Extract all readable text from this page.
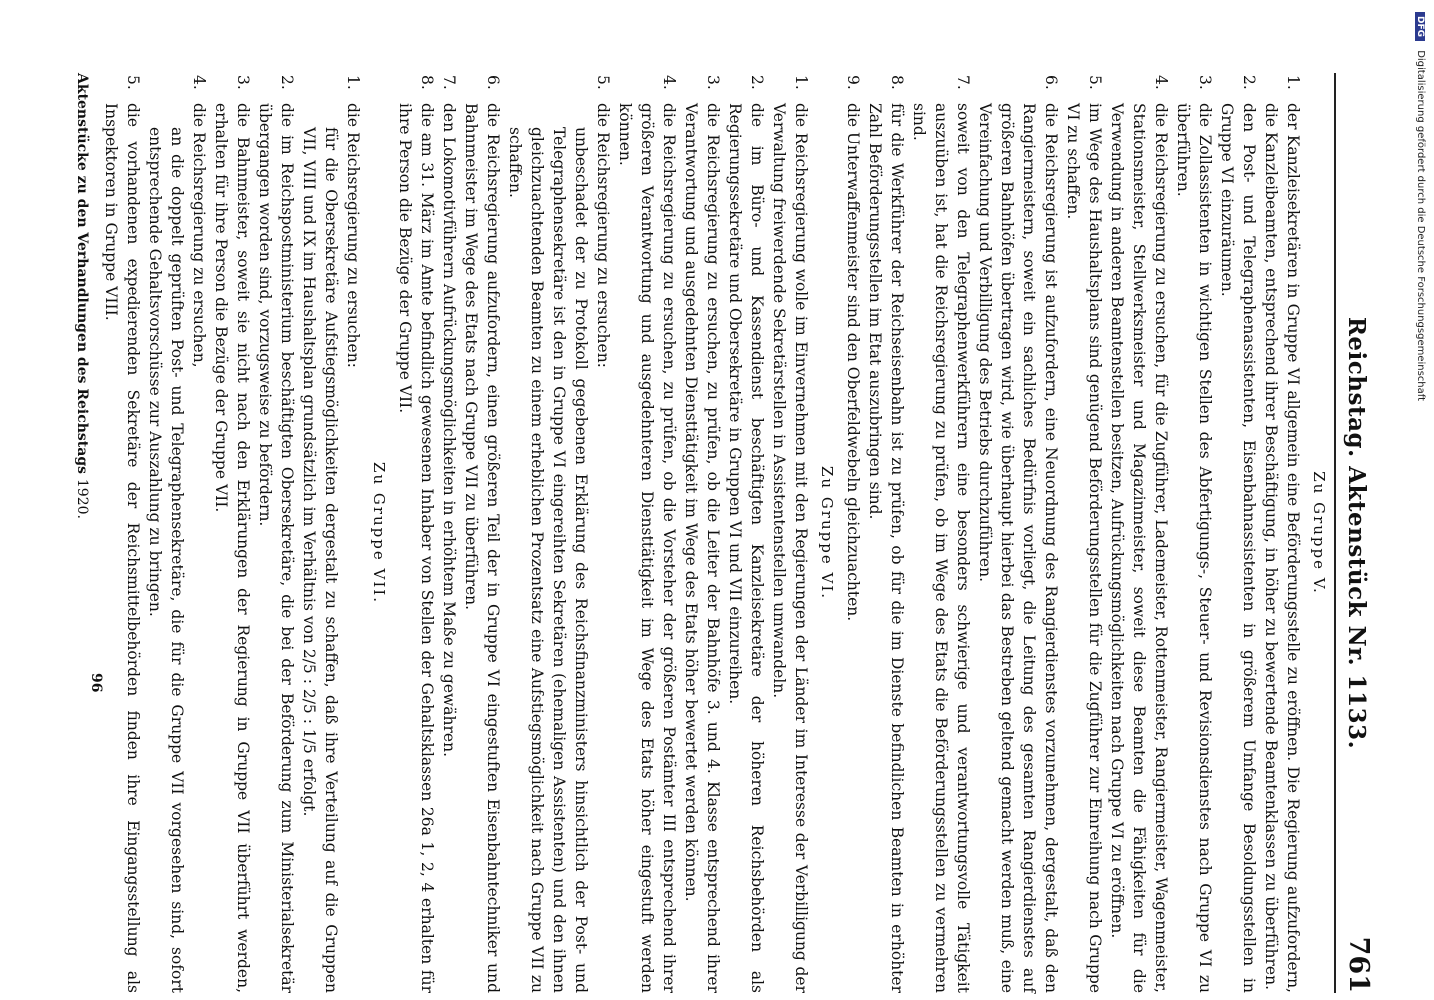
Reichstag. Aktenstück Nr. 1133.
761
Zu Gruppe V.
1.
der Kanzleisekretären in Gruppe VI allgemein eine Beförderungsstelle zu eröffnen. Die Regierung aufzufordern, die Kanzleibeamten, entsprechend ihrer Beschäftigung, in höher zu bewertende Beamtenklassen zu überführen.
2.
den Post- und Telegraphenassistenten, Eisenbahnassistenten in größerem Umfange Besoldungsstellen in Gruppe VI einzuräumen.
3.
die Zollassistenten in wichtigen Stellen des Abfertigungs-, Steuer- und Revisionsdienstes nach Gruppe VI zu überführen.
4.
die Reichsregierung zu ersuchen, für die Zugführer, Lademeister, Rottenmeister, Rangiermeister, Wagenmeister, Stationsmeister, Stellwerksmeister und Magazinmeister, soweit diese Beamten die Fähigkeiten für die Verwendung in anderen Beamtenstellen besitzen, Aufrückungsmöglichkeiten nach Gruppe VI zu eröffnen.
5.
im Wege des Haushaltsplans sind genügend Beförderungsstellen für die Zugführer zur Einreihung nach Gruppe VI zu schaffen.
6.
die Reichsregierung ist aufzufordern, eine Neuordnung des Rangierdienstes vorzunehmen, dergestalt, daß den Rangiermeistern, soweit ein sachliches Bedürfnis vorliegt, die Leitung des gesamten Rangierdienstes auf größeren Bahnhöfen übertragen wird, wie überhaupt hierbei das Bestreben geltend gemacht werden muß, eine Vereinfachung und Verbilligung des Betriebs durchzuführen.
7.
soweit von den Telegraphenwerkführern eine besonders schwierige und verantwortungsvolle Tätigkeit auszuüben ist, hat die Reichsregierung zu prüfen, ob im Wege des Etats die Beförderungsstellen zu vermehren sind.
8.
für die Werkführer der Reichseisenbahn ist zu prüfen, ob für die im Dienste befindlichen Beamten in erhöhter Zahl Beförderungsstellen im Etat auszubringen sind.
9.
die Unterwaffenmeister sind den Oberfeldwebeln gleichzuachten.
Zu Gruppe VI.
1.
die Reichsregierung wolle im Einvernehmen mit den Regierungen der Länder im Interesse der Verbilligung der Verwaltung freiwerdende Sekretärstellen in Assistentenstellen umwandeln.
2.
die im Büro- und Kassendienst beschäftigten Kanzleisekretäre der höheren Reichsbehörden als Regierungssekretäre und Obersekretäre in Gruppen VI und VII einzureihen.
3.
die Reichsregierung zu ersuchen, zu prüfen, ob die Leiter der Bahnhöfe 3. und 4. Klasse entsprechend ihrer Verantwortung und ausgedehnten Diensttätigkeit im Wege des Etats höher bewertet werden können.
4.
die Reichsregierung zu ersuchen, zu prüfen, ob die Vorsteher der größeren Postämter III entsprechend ihrer größeren Verantwortung und ausgedehnteren Diensttätigkeit im Wege des Etats höher eingestuft werden können.
5.
die Reichsregierung zu ersuchen:
unbeschadet der zu Protokoll gegebenen Erklärung des Reichsfinanzministers hinsichtlich der Post- und Telegraphensekretäre ist den in Gruppe VI eingereihten Sekretären (ehemaligen Assistenten) und den ihnen gleichzuachtenden Beamten zu einem erheblichen Prozentsatz eine Aufstiegsmöglichkeit nach Gruppe VII zu schaffen.
6.
die Reichsregierung aufzufordern, einen größeren Teil der in Gruppe VI eingestuften Eisenbahntechniker und Bahnmeister im Wege des Etats nach Gruppe VII zu überführen.
7.
den Lokomotivführern Aufrückungsmöglichkeiten in erhöhtem Maße zu gewähren.
8.
die am 31. März im Amte befindlich gewesenen Inhaber von Stellen der Gehaltsklassen 26a 1, 2, 4 erhalten für ihre Person die Bezüge der Gruppe VII.
Zu Gruppe VII.
1.
die Reichsregierung zu ersuchen:
für die Obersekretäre Aufstiegsmöglichkeiten dergestalt zu schaffen, daß ihre Verteilung auf die Gruppen VII, VIII und IX im Haushaltsplan grundsätzlich im Verhältnis von 2/5 : 2/5 : 1/5 erfolgt.
2.
die im Reichspostministerium beschäftigten Obersekretäre, die bei der Beförderung zum Ministerialsekretär übergangen worden sind, vorzugsweise zu befördern.
3.
die Bahnmeister, soweit sie nicht nach den Erklärungen der Regierung in Gruppe VII überführt werden, erhalten für ihre Person die Bezüge der Gruppe VII.
4.
die Reichsregierung zu ersuchen,
an die doppelt geprüften Post- und Telegraphensekretäre, die für die Gruppe VII vorgesehen sind, sofort entsprechende Gehaltsvorschüsse zur Auszahlung zu bringen.
5.
die vorhandenen expedierenden Sekretäre der Reichsmittelbehörden finden ihre Eingangsstellung als Inspektoren in Gruppe VIII.
Aktenstücke zu den Verhandlungen des Reichstags 1920.
96
DFG Digitalisierung gefördert durch die Deutsche Forschungsgemeinschaft
